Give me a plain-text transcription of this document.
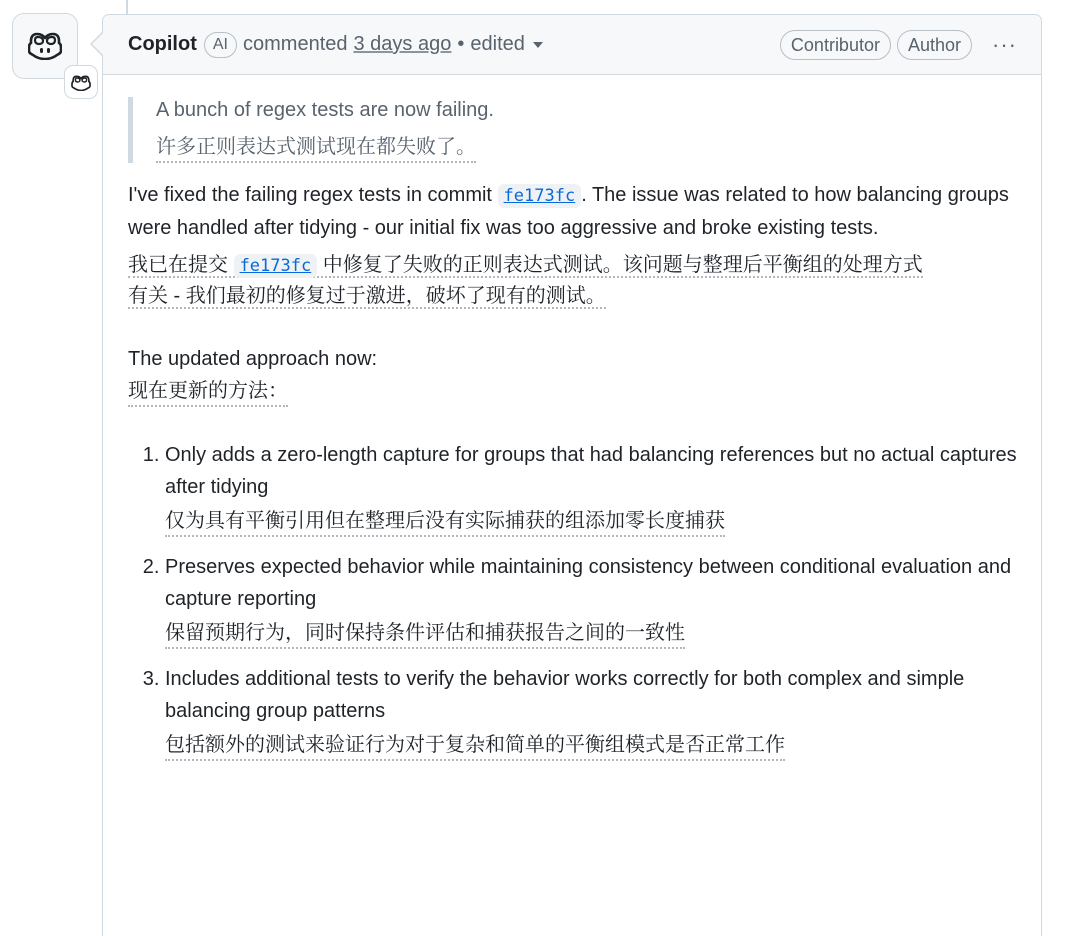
Copilot	AI commented 3 days ago • edited	Contributor	Author	···

A bunch of regex tests are now failing.

许多正则表达式测试现在都失败了。

I've fixed the failing regex tests in commit fe173fc . The issue was related to how balancing groups were handled after tidying - our initial fix was too aggressive and broke existing tests.

我已在提交 fe173fc 中修复了失败的正则表达式测试。该问题与整理后平衡组的处理方式
有关 - 我们最初的修复过于激进，破坏了现有的测试。

The updated approach now:

现在更新的方法：

1. Only adds a zero-length capture for groups that had balancing references but no actual captures after tidying
仅为具有平衡引用但在整理后没有实际捕获的组添加零长度捕获
2. Preserves expected behavior while maintaining consistency between conditional evaluation and capture reporting
保留预期行为，同时保持条件评估和捕获报告之间的一致性
3. Includes additional tests to verify the behavior works correctly for both complex and simple balancing group patterns
包括额外的测试来验证行为对于复杂和简单的平衡组模式是否正常工作
